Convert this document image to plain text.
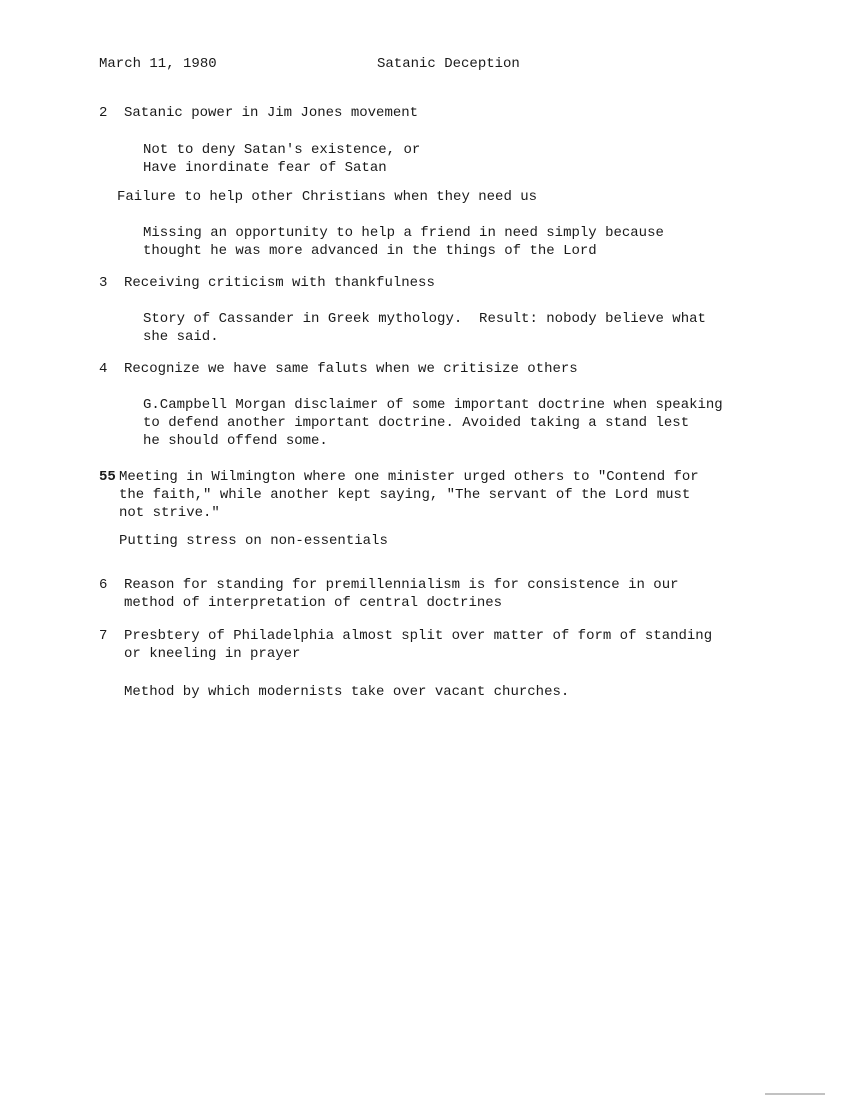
March 11, 1980	Satanic Deception
2 Satanic power in Jim Jones movement
Not to deny Satan's existence, or
Have inordinate fear of Satan
Failure to help other Christians when they need us
Missing an opportunity to help a friend in need simply because
thought he was more advanced in the things of the Lord
3 Receiving criticism with thankfulness
Story of Cassander in Greek mythology.  Result: nobody believe what
she said.
4 Recognize we have same faluts when we critisize others
G.Campbell Morgan disclaimer of some important doctrine when speaking
to defend another important doctrine. Avoided taking a stand lest
he should offend some.
55 Meeting in Wilmington where one minister urged others to "Contend for
the faith," while another kept saying, "The servant of the Lord must
not strive."
Putting stress on non-essentials
6 Reason for standing for premillennialism is for consistence in our
method of interpretation of central doctrines
7 Presbtery of Philadelphia almost split over matter of form of standing
or kneeling in prayer
Method by which modernists take over vacant churches.
